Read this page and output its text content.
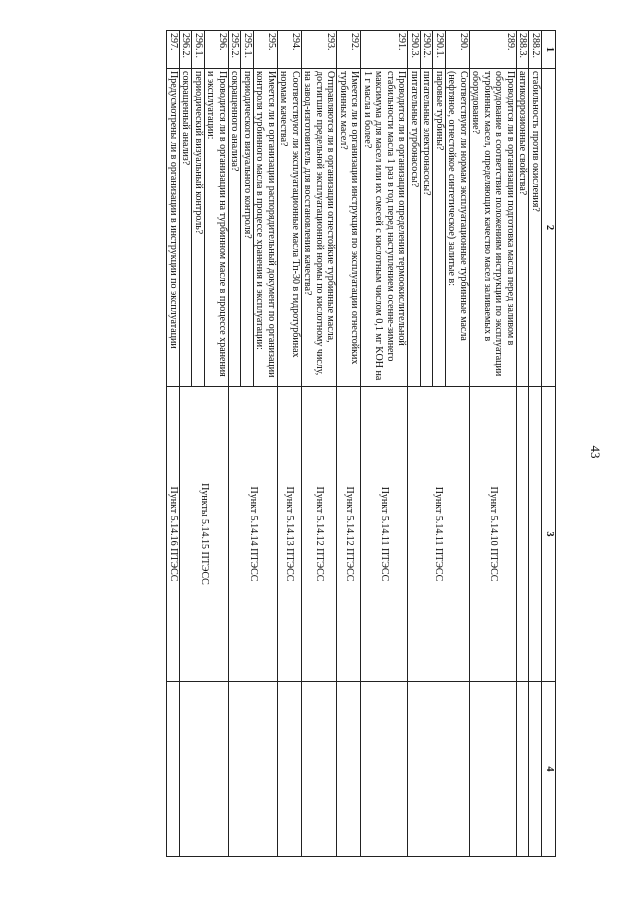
43
1	2	3	4
288.2.	стабильность против окисления?		
288.3.	антикоррозионные свойства?		
289.	Проводится ли в организации подготовка масла перед заливом в оборудование в соответствие положениям инструкции по эксплуатации турбинных масел, определяющих качество масел заливаемых в оборудование?	Пункт 5.14.10 ПТЭСС	
290.	Соответствуют ли нормам эксплуатационные турбинные масла (нефтяное, огнестойкое синтетическое) залитые в:	Пункт 5.14.11 ПТЭСС	
290.1.	паровые турбины?		
290.2.	питательные электронасосы?		
290.3.	питательные турбонасосы?		
291.	Проводится ли в организации определения термоокислительной стабильности масла 1 раз в год перед наступлением осенне-зимнего максимума для масел или их смесей с кислотным числом 0,1 мг KOH на 1 г масла и более?	Пункт 5.14.11 ПТЭСС	
292.	Имеется ли в организации инструкция по эксплуатации огнестойких турбинных масел?	Пункт 5.14.12 ПТЭСС	
293.	Отправляются ли в организации огнестойкие турбинные масла, достигшие предельной эксплуатационной нормы по кислотному числу, на завод-изготовитель для восстановления качества?	Пункт 5.14.12 ПТЭСС	
294.	Соответствуют ли эксплуатационные масла Тп-30 в гидротурбинах нормам качества?	Пункт 5.14.13 ПТЭСС	
295.	Имеется ли в организации распорядительный документ по организации контроля турбинного масла в процессе хранения и эксплуатации:	Пункт 5.14.14 ПТЭСС	
295.1.	периодического визуального контроля?		
295.2.	сокращенного анализа?		
296.	Проводится ли в организации на турбинном масле в процессе хранения и эксплуатации:	Пункты 5.14.15 ПТЭСС	
296.1.	периодический визуальный контроль?		
296.2.	сокращенный анализ?		
297.	Предусмотрены ли в организации в инструкции по эксплуатации	Пункт 5.14.16 ПТЭСС	
